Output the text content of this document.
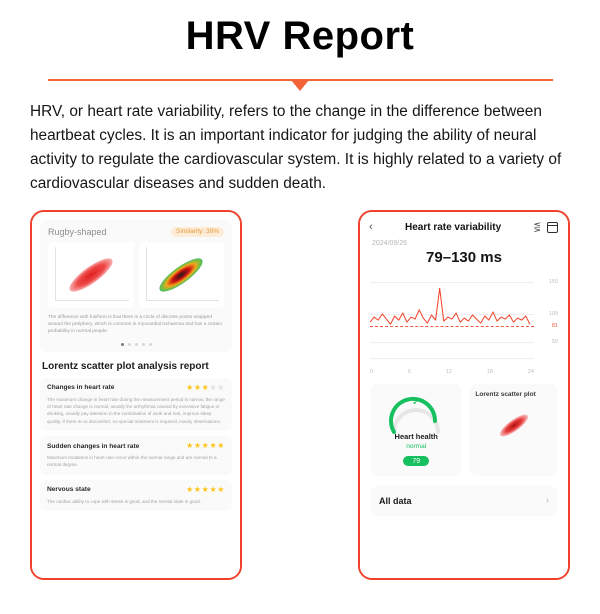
HRV Report

HRV, or heart rate variability, refers to the change in the difference between heartbeat cycles. It is an important indicator for judging the ability of neural activity to regulate the cardiovascular system. It is highly related to a variety of cardiovascular diseases and sudden death.

Rugby-shaped	Similarity: 39%
The difference with fusiform is that there is a circle of discrete points wrapped around the periphery, which is common in myocardial ischaemia and has a certain probability in normal people.
Lorentz scatter plot analysis report
Changes in heart rate	★★★★★
The maximum change in heart rate during the measurement period is narrow, the range of heart rate change is normal, usually the arrhythmia caused by excessive fatigue or drinking, usually pay attention to the combination of work and rest, improve sleep quality, if there is no discomfort, no special treatment is required, mainly observations.
Sudden changes in heart rate	★★★★★
Maximum mutations in heart rate occur within the normal range and are normal to a normal degree.
Nervous state	★★★★★
The cardiac ability to cope with stress is good, and the mental state is good.
‹	Heart rate variability	⋚
2024/09/26
79–130 ms
150
100
81
50
0	6	12	18	24
✓
Heart health
normal
79
Lorentz scatter plot
All data	›
